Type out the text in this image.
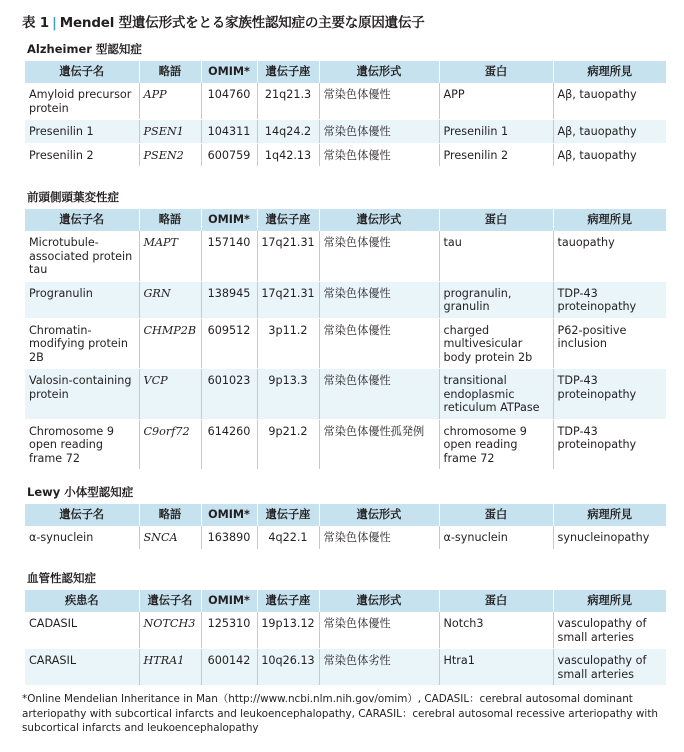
表 1 | Mendel 型遺伝形式をとる家族性認知症の主要な原因遺伝子
Alzheimer 型認知症
遺伝子名	略語	OMIM*	遺伝子座	遺伝形式	蛋白	病理所見
Amyloid precursor protein	APP	104760	21q21.3	常染色体優性	APP	Aβ, tauopathy
Presenilin 1	PSEN1	104311	14q24.2	常染色体優性	Presenilin 1	Aβ, tauopathy
Presenilin 2	PSEN2	600759	1q42.13	常染色体優性	Presenilin 2	Aβ, tauopathy
前頭側頭葉変性症
遺伝子名	略語	OMIM*	遺伝子座	遺伝形式	蛋白	病理所見
Microtubule-associated protein tau	MAPT	157140	17q21.31	常染色体優性	tau	tauopathy
Progranulin	GRN	138945	17q21.31	常染色体優性	progranulin, granulin	TDP-43 proteinopathy
Chromatin-modifying protein 2B	CHMP2B	609512	3p11.2	常染色体優性	charged multivesicular body protein 2b	P62-positive inclusion
Valosin-containing protein	VCP	601023	9p13.3	常染色体優性	transitional endoplasmic reticulum ATPase	TDP-43 proteinopathy
Chromosome 9 open reading frame 72	C9orf72	614260	9p21.2	常染色体優性孤発例	chromosome 9 open reading frame 72	TDP-43 proteinopathy
Lewy 小体型認知症
遺伝子名	略語	OMIM*	遺伝子座	遺伝形式	蛋白	病理所見
α-synuclein	SNCA	163890	4q22.1	常染色体優性	α-synuclein	synucleinopathy
血管性認知症
疾患名	遺伝子名	OMIM*	遺伝子座	遺伝形式	蛋白	病理所見
CADASIL	NOTCH3	125310	19p13.12	常染色体優性	Notch3	vasculopathy of small arteries
CARASIL	HTRA1	600142	10q26.13	常染色体劣性	Htra1	vasculopathy of small arteries
*Online Mendelian Inheritance in Man（http://www.ncbi.nlm.nih.gov/omim）, CADASIL：cerebral autosomal dominant arteriopathy with subcortical infarcts and leukoencephalopathy, CARASIL：cerebral autosomal recessive arteriopathy with subcortical infarcts and leukoencephalopathy
